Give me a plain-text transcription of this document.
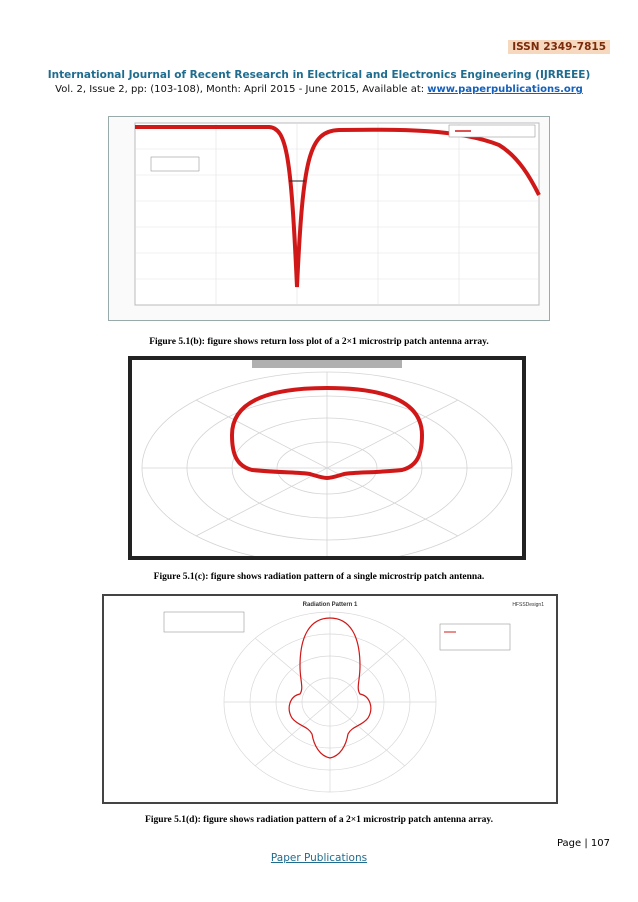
ISSN 2349-7815
International Journal of Recent Research in Electrical and Electronics Engineering (IJRREEE)
Vol. 2, Issue 2, pp: (103-108), Month: April 2015 - June 2015, Available at: www.paperpublications.org
Figure 5.1(b): figure shows return loss plot of a 2×1 microstrip patch antenna array.
Figure 5.1(c): figure shows radiation pattern of a single microstrip patch antenna.
Radiation Pattern 1	HFSSDesign1
Figure 5.1(d): figure shows radiation pattern of a 2×1 microstrip patch antenna array.
Page | 107
Paper Publications
